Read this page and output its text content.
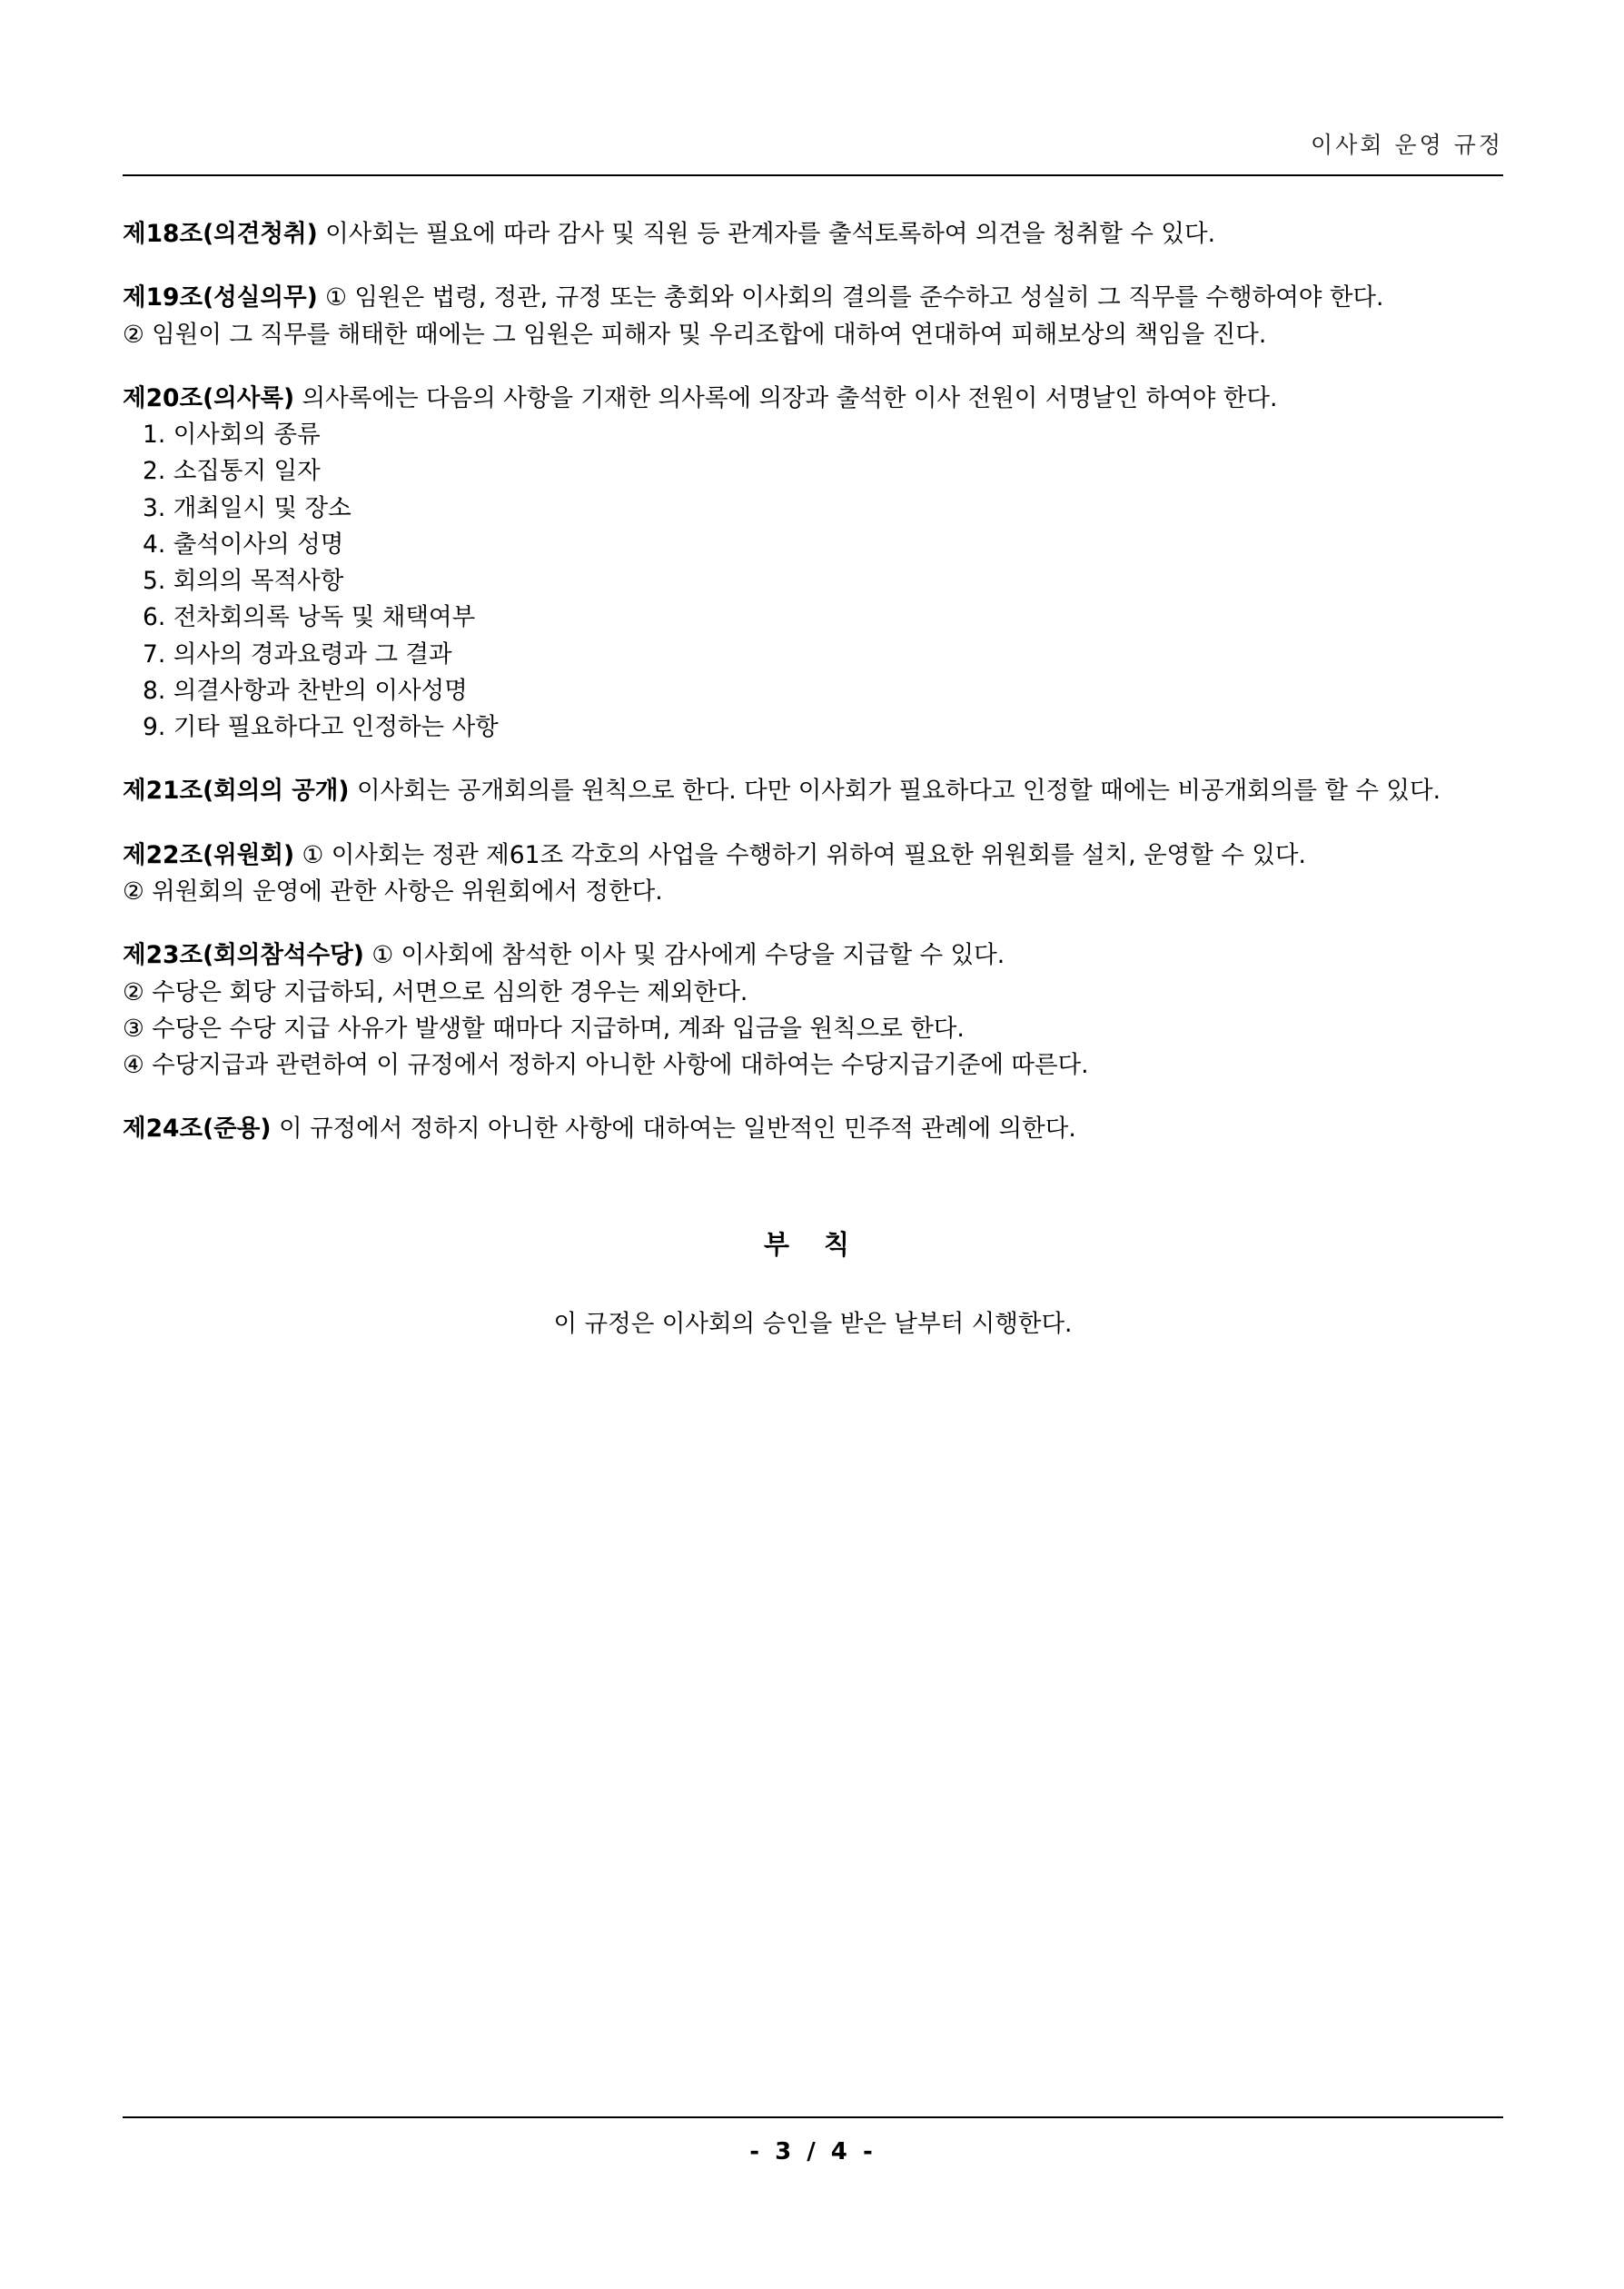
이사회 운영 규정

제18조(의견청취) 이사회는 필요에 따라 감사 및 직원 등 관계자를 출석토록하여 의견을 청취할 수 있다.

제19조(성실의무) ① 임원은 법령, 정관, 규정 또는 총회와 이사회의 결의를 준수하고 성실히 그 직무를 수행하여야 한다.

② 임원이 그 직무를 해태한 때에는 그 임원은 피해자 및 우리조합에 대하여 연대하여 피해보상의 책임을 진다.

제20조(의사록) 의사록에는 다음의 사항을 기재한 의사록에 의장과 출석한 이사 전원이 서명날인 하여야 한다.

1. 이사회의 종류
2. 소집통지 일자
3. 개최일시 및 장소
4. 출석이사의 성명
5. 회의의 목적사항
6. 전차회의록 낭독 및 채택여부
7. 의사의 경과요령과 그 결과
8. 의결사항과 찬반의 이사성명
9. 기타 필요하다고 인정하는 사항

제21조(회의의 공개) 이사회는 공개회의를 원칙으로 한다. 다만 이사회가 필요하다고 인정할 때에는 비공개회의를 할 수 있다.

제22조(위원회) ① 이사회는 정관 제61조 각호의 사업을 수행하기 위하여 필요한 위원회를 설치, 운영할 수 있다.

② 위원회의 운영에 관한 사항은 위원회에서 정한다.

제23조(회의참석수당) ① 이사회에 참석한 이사 및 감사에게 수당을 지급할 수 있다.

② 수당은 회당 지급하되, 서면으로 심의한 경우는 제외한다.

③ 수당은 수당 지급 사유가 발생할 때마다 지급하며, 계좌 입금을 원칙으로 한다.

④ 수당지급과 관련하여 이 규정에서 정하지 아니한 사항에 대하여는 수당지급기준에 따른다.

제24조(준용) 이 규정에서 정하지 아니한 사항에 대하여는 일반적인 민주적 관례에 의한다.

부 칙
이 규정은 이사회의 승인을 받은 날부터 시행한다.
- 3 / 4 -
